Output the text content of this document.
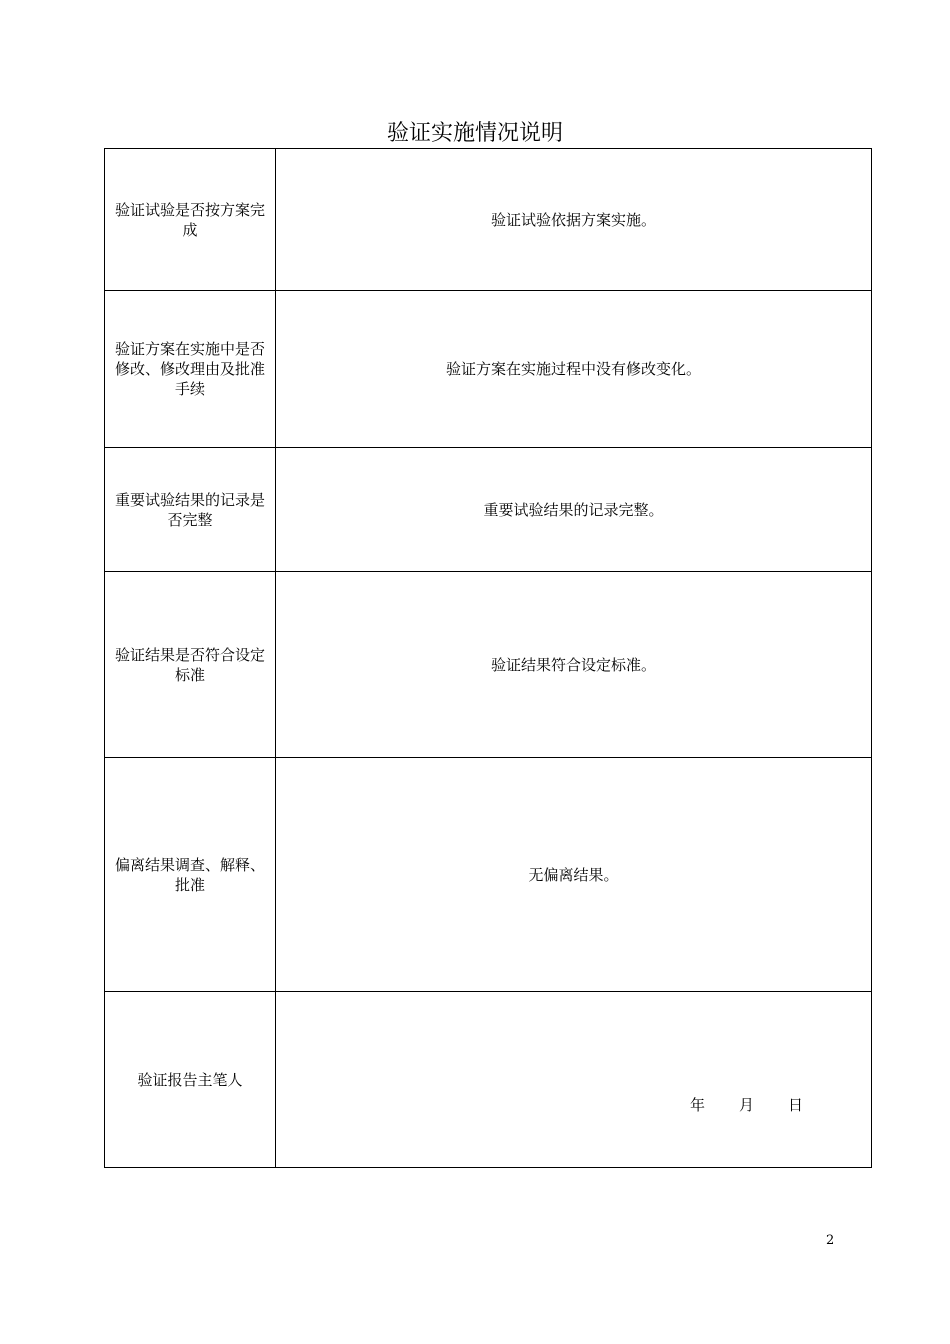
验证实施情况说明
验证试验是否按方案完成	验证试验依据方案实施。
验证方案在实施中是否修改、修改理由及批准手续	验证方案在实施过程中没有修改变化。
重要试验结果的记录是否完整	重要试验结果的记录完整。
验证结果是否符合设定标准	验证结果符合设定标准。
偏离结果调查、解释、批准	无偏离结果。
验证报告主笔人	年 月 日
2
